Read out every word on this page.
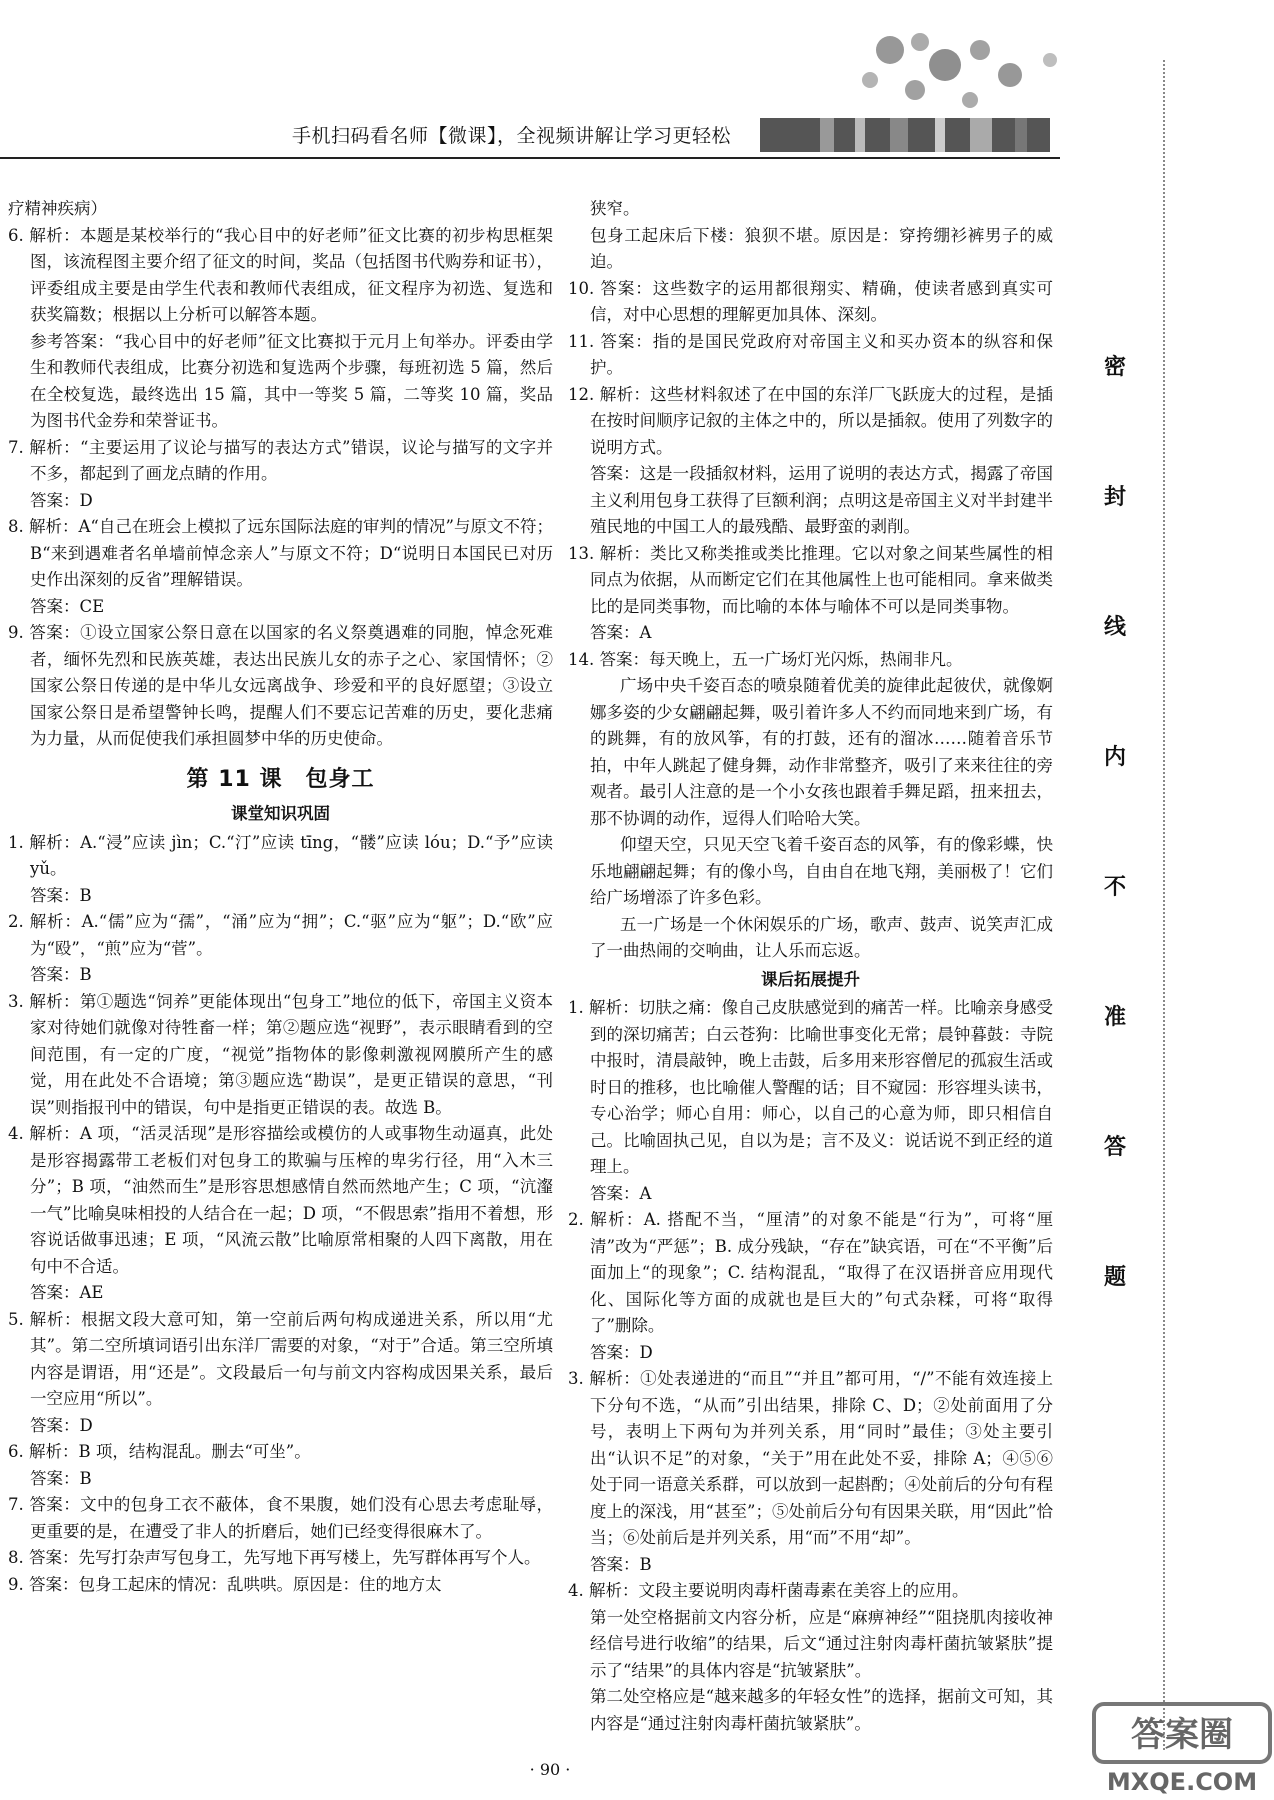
手机扫码看名师【微课】，全视频讲解让学习更轻松

疗精神疾病）

6. 解析：本题是某校举行的“我心目中的好老师”征文比赛的初步构思框架图，该流程图主要介绍了征文的时间，奖品（包括图书代购券和证书），评委组成主要是由学生代表和教师代表组成，征文程序为初选、复选和获奖篇数；根据以上分析可以解答本题。

参考答案：“我心目中的好老师”征文比赛拟于元月上旬举办。评委由学生和教师代表组成，比赛分初选和复选两个步骤，每班初选 5 篇，然后在全校复选，最终选出 15 篇，其中一等奖 5 篇，二等奖 10 篇，奖品为图书代金券和荣誉证书。

7. 解析：“主要运用了议论与描写的表达方式”错误，议论与描写的文字并不多，都起到了画龙点睛的作用。

答案：D

8. 解析：A“自己在班会上模拟了远东国际法庭的审判的情况”与原文不符；B“来到遇难者名单墙前悼念亲人”与原文不符；D“说明日本国民已对历史作出深刻的反省”理解错误。

答案：CE

9. 答案：①设立国家公祭日意在以国家的名义祭奠遇难的同胞，悼念死难者，缅怀先烈和民族英雄，表达出民族儿女的赤子之心、家国情怀；②国家公祭日传递的是中华儿女远离战争、珍爱和平的良好愿望；③设立国家公祭日是希望警钟长鸣，提醒人们不要忘记苦难的历史，要化悲痛为力量，从而促使我们承担圆梦中华的历史使命。

第 11 课　包身工
课堂知识巩固

1. 解析：A.“浸”应读 jìn；C.“汀”应读 tīng，“髅”应读 lóu；D.“予”应读 yǔ。

答案：B

2. 解析：A.“儒”应为“孺”，“涌”应为“拥”；C.“驱”应为“躯”；D.“欧”应为“殴”，“煎”应为“菅”。

答案：B

3. 解析：第①题选“饲养”更能体现出“包身工”地位的低下，帝国主义资本家对待她们就像对待牲畜一样；第②题应选“视野”，表示眼睛看到的空间范围，有一定的广度，“视觉”指物体的影像刺激视网膜所产生的感觉，用在此处不合语境；第③题应选“勘误”，是更正错误的意思，“刊误”则指报刊中的错误，句中是指更正错误的表。故选 B。

4. 解析：A 项，“活灵活现”是形容描绘或模仿的人或事物生动逼真，此处是形容揭露带工老板们对包身工的欺骗与压榨的卑劣行径，用“入木三分”；B 项，“油然而生”是形容思想感情自然而然地产生；C 项，“沆瀣一气”比喻臭味相投的人结合在一起；D 项，“不假思索”指用不着想，形容说话做事迅速；E 项，“风流云散”比喻原常相聚的人四下离散，用在句中不合适。

答案：AE

5. 解析：根据文段大意可知，第一空前后两句构成递进关系，所以用“尤其”。第二空所填词语引出东洋厂需要的对象，“对于”合适。第三空所填内容是谓语，用“还是”。文段最后一句与前文内容构成因果关系，最后一空应用“所以”。

答案：D

6. 解析：B 项，结构混乱。删去“可坐”。

答案：B

7. 答案：文中的包身工衣不蔽体，食不果腹，她们没有心思去考虑耻辱，更重要的是，在遭受了非人的折磨后，她们已经变得很麻木了。

8. 答案：先写打杂声写包身工，先写地下再写楼上，先写群体再写个人。

9. 答案：包身工起床的情况：乱哄哄。原因是：住的地方太

狭窄。

包身工起床后下楼：狼狈不堪。原因是：穿挎绷衫裤男子的威迫。

10. 答案：这些数字的运用都很翔实、精确，使读者感到真实可信，对中心思想的理解更加具体、深刻。

11. 答案：指的是国民党政府对帝国主义和买办资本的纵容和保护。

12. 解析：这些材料叙述了在中国的东洋厂飞跃庞大的过程，是插在按时间顺序记叙的主体之中的，所以是插叙。使用了列数字的说明方式。

答案：这是一段插叙材料，运用了说明的表达方式，揭露了帝国主义利用包身工获得了巨额利润；点明这是帝国主义对半封建半殖民地的中国工人的最残酷、最野蛮的剥削。

13. 解析：类比又称类推或类比推理。它以对象之间某些属性的相同点为依据，从而断定它们在其他属性上也可能相同。拿来做类比的是同类事物，而比喻的本体与喻体不可以是同类事物。

答案：A

14. 答案：每天晚上，五一广场灯光闪烁，热闹非凡。

广场中央千姿百态的喷泉随着优美的旋律此起彼伏，就像婀娜多姿的少女翩翩起舞，吸引着许多人不约而同地来到广场，有的跳舞，有的放风筝，有的打鼓，还有的溜冰……随着音乐节拍，中年人跳起了健身舞，动作非常整齐，吸引了来来往往的旁观者。最引人注意的是一个小女孩也跟着手舞足蹈，扭来扭去，那不协调的动作，逗得人们哈哈大笑。

仰望天空，只见天空飞着千姿百态的风筝，有的像彩蝶，快乐地翩翩起舞；有的像小鸟，自由自在地飞翔，美丽极了！它们给广场增添了许多色彩。

五一广场是一个休闲娱乐的广场，歌声、鼓声、说笑声汇成了一曲热闹的交响曲，让人乐而忘返。

课后拓展提升

1. 解析：切肤之痛：像自己皮肤感觉到的痛苦一样。比喻亲身感受到的深切痛苦；白云苍狗：比喻世事变化无常；晨钟暮鼓：寺院中报时，清晨敲钟，晚上击鼓，后多用来形容僧尼的孤寂生活或时日的推移，也比喻催人警醒的话；目不窥园：形容埋头读书，专心治学；师心自用：师心，以自己的心意为师，即只相信自己。比喻固执己见，自以为是；言不及义：说话说不到正经的道理上。

答案：A

2. 解析：A. 搭配不当，“厘清”的对象不能是“行为”，可将“厘清”改为“严惩”；B. 成分残缺，“存在”缺宾语，可在“不平衡”后面加上“的现象”；C. 结构混乱，“取得了在汉语拼音应用现代化、国际化等方面的成就也是巨大的”句式杂糅，可将“取得了”删除。

答案：D

3. 解析：①处表递进的“而且”“并且”都可用，“/”不能有效连接上下分句不选，“从而”引出结果，排除 C、D；②处前面用了分号，表明上下两句为并列关系，用“同时”最佳；③处主要引出“认识不足”的对象，“关于”用在此处不妥，排除 A；④⑤⑥处于同一语意关系群，可以放到一起斟酌；④处前后的分句有程度上的深浅，用“甚至”；⑤处前后分句有因果关联，用“因此”恰当；⑥处前后是并列关系，用“而”不用“却”。

答案：B

4. 解析：文段主要说明肉毒杆菌毒素在美容上的应用。

第一处空格据前文内容分析，应是“麻痹神经”“阻挠肌肉接收神经信号进行收缩”的结果，后文“通过注射肉毒杆菌抗皱紧肤”提示了“结果”的具体内容是“抗皱紧肤”。

第二处空格应是“越来越多的年轻女性”的选择，据前文可知，其内容是“通过注射肉毒杆菌抗皱紧肤”。

密
封
线
内
不
准
答
题
· 90 ·
答案圈
MXQE.COM
